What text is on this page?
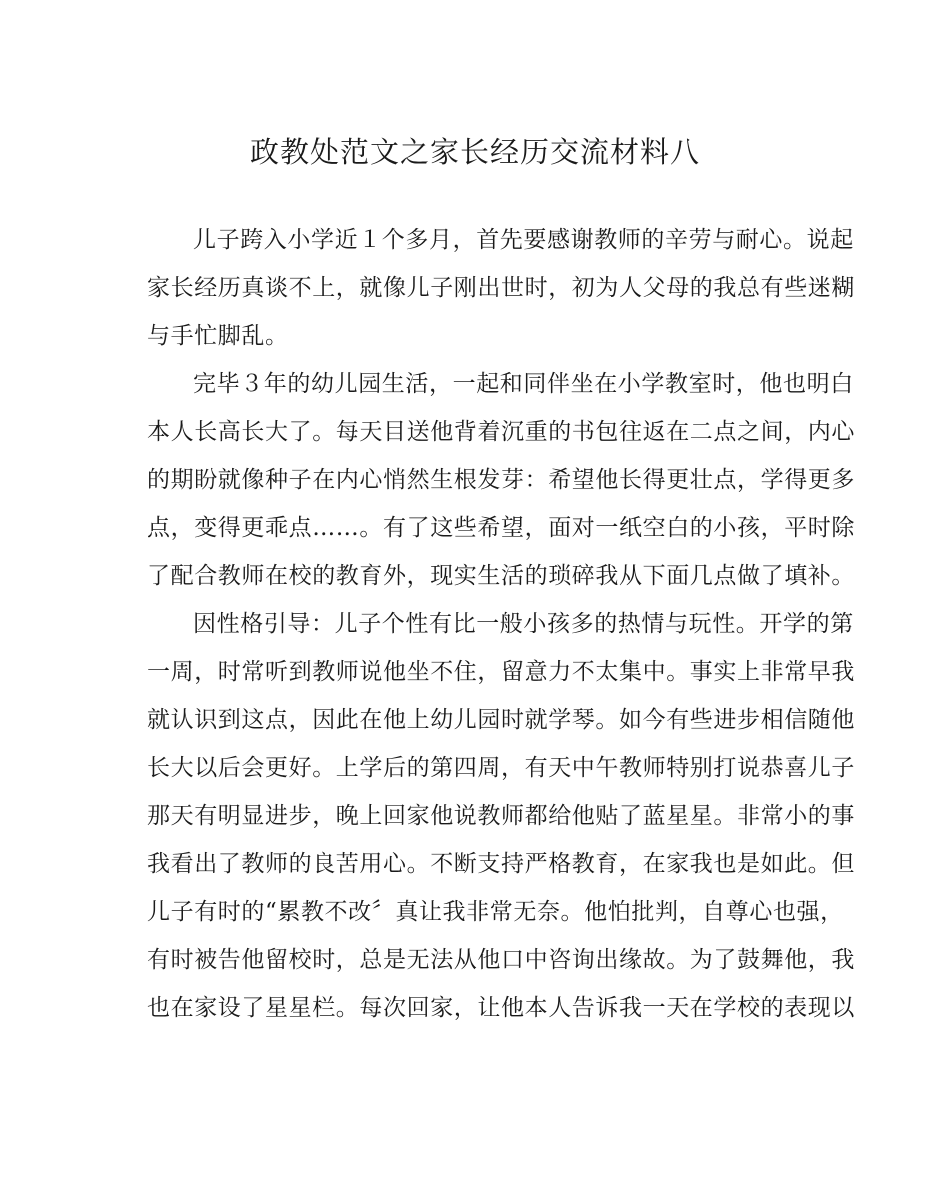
政教处范文之家长经历交流材料八
儿子跨入小学近１个多月，首先要感谢教师的辛劳与耐心。说起
家长经历真谈不上，就像儿子刚出世时，初为人父母的我总有些迷糊
与手忙脚乱。
完毕３年的幼儿园生活，一起和同伴坐在小学教室时，他也明白
本人长高长大了。每天目送他背着沉重的书包往返在二点之间，内心
的期盼就像种子在内心悄然生根发芽：希望他长得更壮点，学得更多
点，变得更乖点……。有了这些希望，面对一纸空白的小孩，平时除
了配合教师在校的教育外，现实生活的琐碎我从下面几点做了填补。
因性格引导：儿子个性有比一般小孩多的热情与玩性。开学的第
一周，时常听到教师说他坐不住，留意力不太集中。事实上非常早我
就认识到这点，因此在他上幼儿园时就学琴。如今有些进步相信随他
长大以后会更好。上学后的第四周，有天中午教师特别打说恭喜儿子
那天有明显进步，晚上回家他说教师都给他贴了蓝星星。非常小的事
我看出了教师的良苦用心。不断支持严格教育，在家我也是如此。但
儿子有时的“累教不改〞真让我非常无奈。他怕批判，自尊心也强，
有时被告他留校时，总是无法从他口中咨询出缘故。为了鼓舞他，我
也在家设了星星栏。每次回家，让他本人告诉我一天在学校的表现以
